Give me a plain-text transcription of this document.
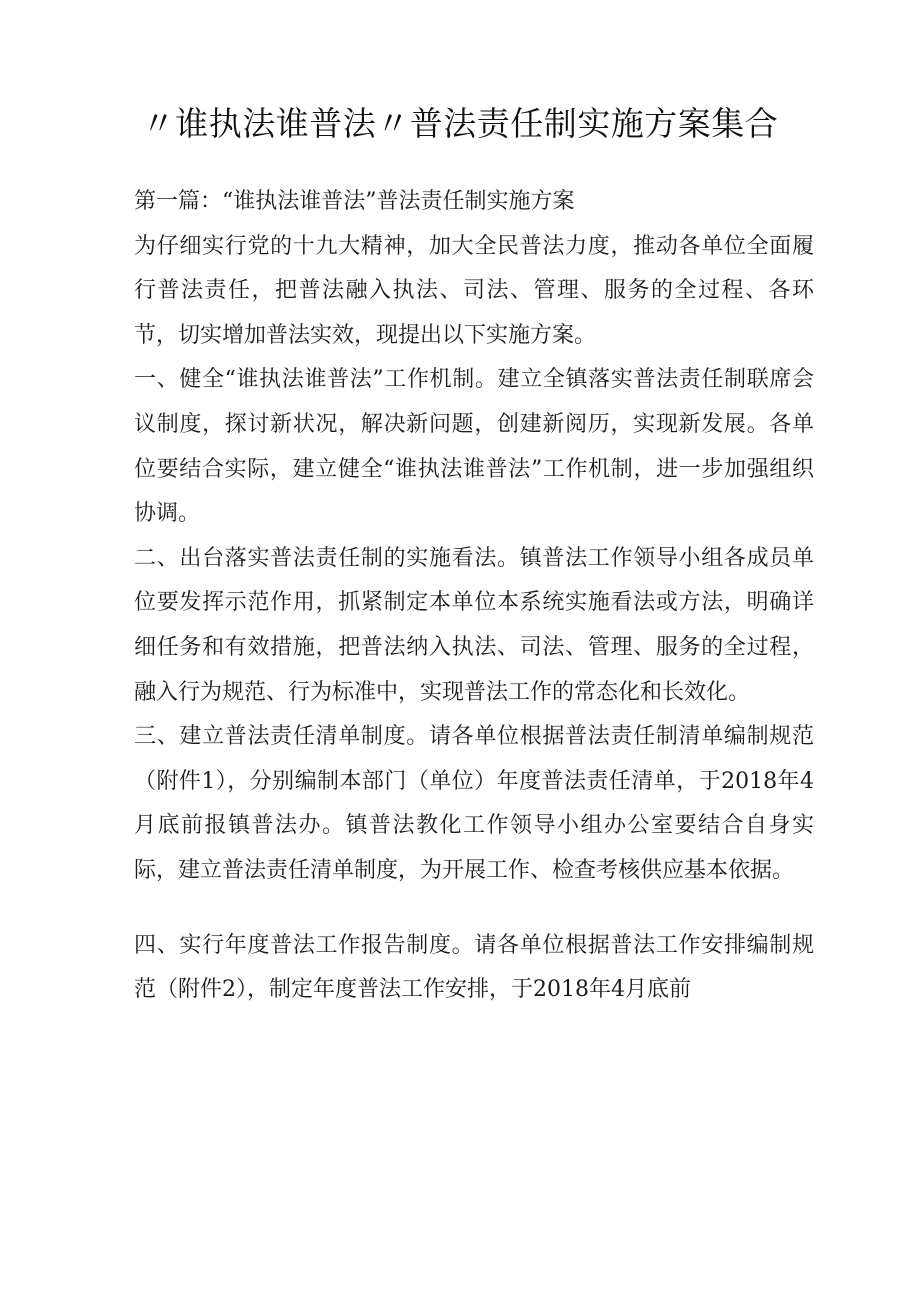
〃谁执法谁普法〃普法责任制实施方案集合

第一篇：“谁执法谁普法”普法责任制实施方案

为仔细实行党的十九大精神，加大全民普法力度，推动各单位全面履行普法责任，把普法融入执法、司法、管理、服务的全过程、各环节，切实增加普法实效，现提出以下实施方案。

一、健全“谁执法谁普法”工作机制。建立全镇落实普法责任制联席会议制度，探讨新状况，解决新问题，创建新阅历，实现新发展。各单位要结合实际，建立健全“谁执法谁普法”工作机制，进一步加强组织协调。

二、出台落实普法责任制的实施看法。镇普法工作领导小组各成员单位要发挥示范作用，抓紧制定本单位本系统实施看法或方法，明确详细任务和有效措施，把普法纳入执法、司法、管理、服务的全过程，融入行为规范、行为标准中，实现普法工作的常态化和长效化。

三、建立普法责任清单制度。请各单位根据普法责任制清单编制规范（附件1），分别编制本部门（单位）年度普法责任清单，于2018年4月底前报镇普法办。镇普法教化工作领导小组办公室要结合自身实际，建立普法责任清单制度，为开展工作、检查考核供应基本依据。

四、实行年度普法工作报告制度。请各单位根据普法工作安排编制规范（附件2），制定年度普法工作安排，于2018年4月底前
